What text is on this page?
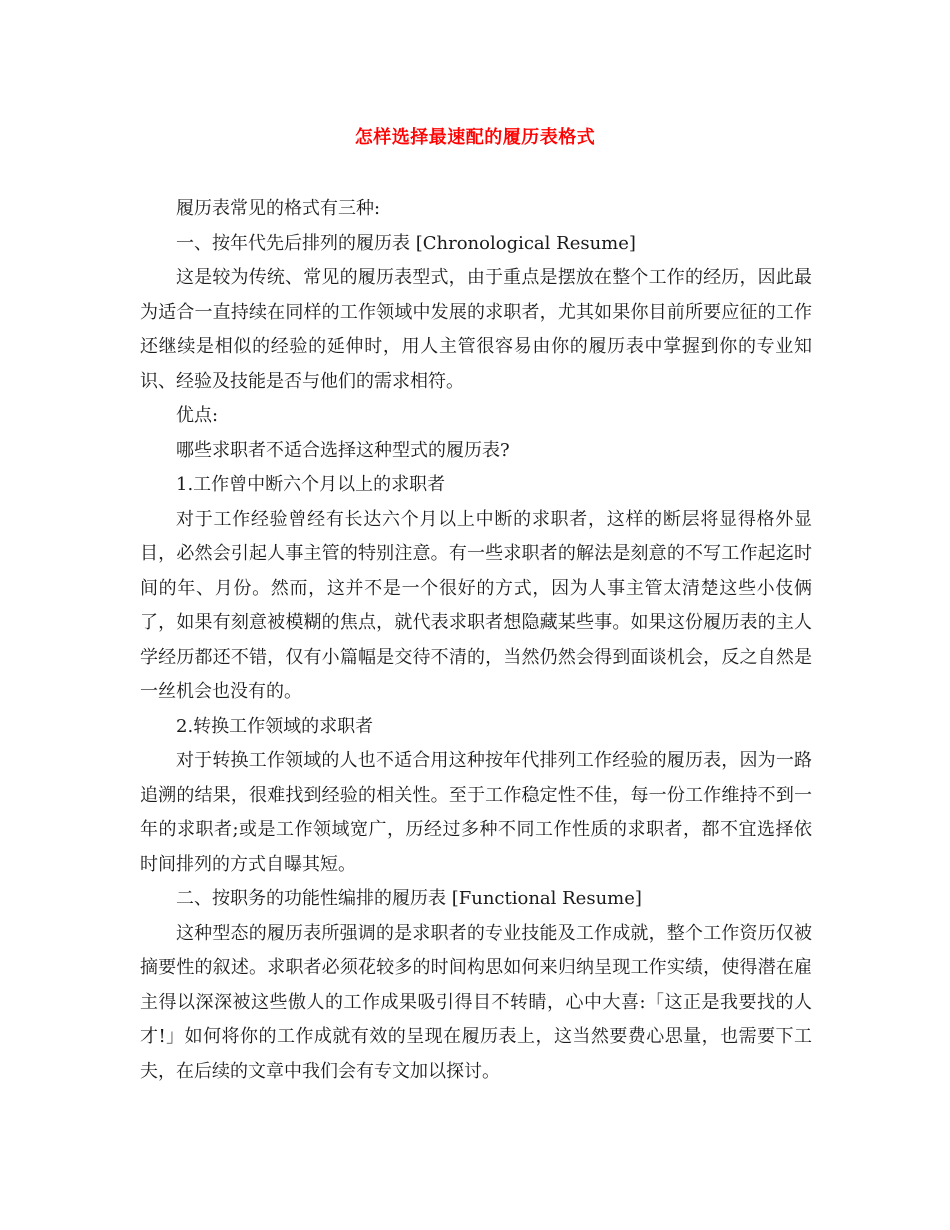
怎样选择最速配的履历表格式

履历表常见的格式有三种:

一、按年代先后排列的履历表 [Chronological Resume]

这是较为传统、常见的履历表型式，由于重点是摆放在整个工作的经历，因此最为适合一直持续在同样的工作领域中发展的求职者，尤其如果你目前所要应征的工作还继续是相似的经验的延伸时，用人主管很容易由你的履历表中掌握到你的专业知识、经验及技能是否与他们的需求相符。

优点:

哪些求职者不适合选择这种型式的履历表?

1.工作曾中断六个月以上的求职者

对于工作经验曾经有长达六个月以上中断的求职者，这样的断层将显得格外显目，必然会引起人事主管的特别注意。有一些求职者的解法是刻意的不写工作起迄时间的年、月份。然而，这并不是一个很好的方式，因为人事主管太清楚这些小伎俩了，如果有刻意被模糊的焦点，就代表求职者想隐藏某些事。如果这份履历表的主人学经历都还不错，仅有小篇幅是交待不清的，当然仍然会得到面谈机会，反之自然是一丝机会也没有的。

2.转换工作领域的求职者

对于转换工作领域的人也不适合用这种按年代排列工作经验的履历表，因为一路追溯的结果，很难找到经验的相关性。至于工作稳定性不佳，每一份工作维持不到一年的求职者;或是工作领域宽广，历经过多种不同工作性质的求职者，都不宜选择依时间排列的方式自曝其短。

二、按职务的功能性编排的履历表 [Functional Resume]

这种型态的履历表所强调的是求职者的专业技能及工作成就，整个工作资历仅被摘要性的叙述。求职者必须花较多的时间构思如何来归纳呈现工作实绩，使得潜在雇主得以深深被这些傲人的工作成果吸引得目不转睛，心中大喜:「这正是我要找的人才!」如何将你的工作成就有效的呈现在履历表上，这当然要费心思量，也需要下工夫，在后续的文章中我们会有专文加以探讨。
